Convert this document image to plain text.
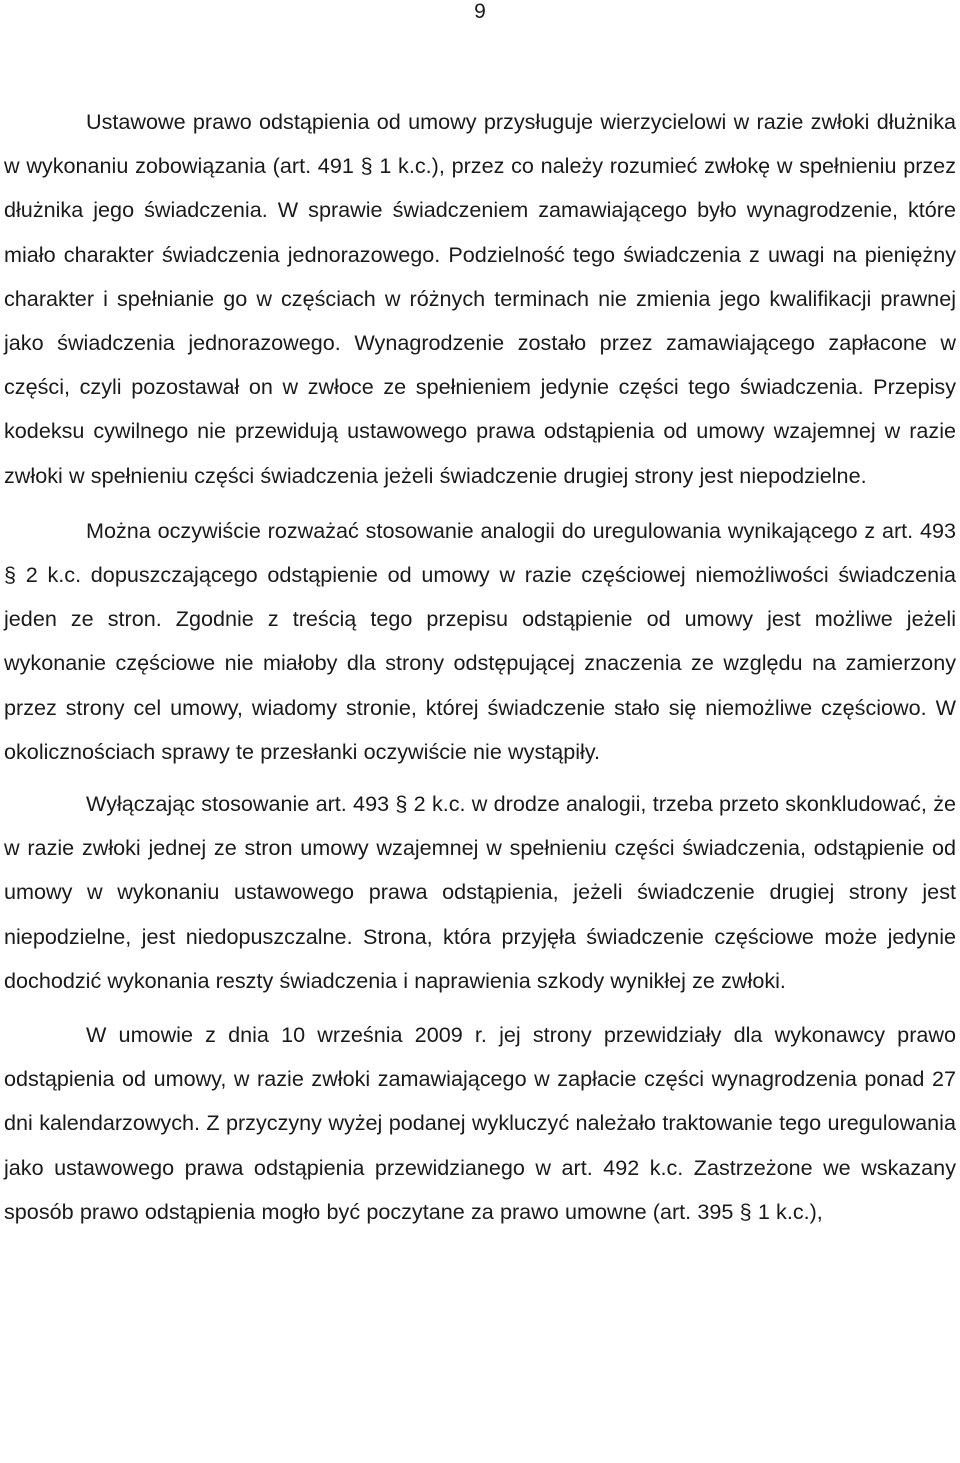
9

Ustawowe prawo odstąpienia od umowy przysługuje wierzycielowi w razie zwłoki dłużnika w wykonaniu zobowiązania (art. 491 § 1 k.c.), przez co należy rozumieć zwłokę w spełnieniu przez dłużnika jego świadczenia. W sprawie świadczeniem zamawiającego było wynagrodzenie, które miało charakter świadczenia jednorazowego. Podzielność tego świadczenia z uwagi na pieniężny charakter i spełnianie go w częściach w różnych terminach nie zmienia jego kwalifikacji prawnej jako świadczenia jednorazowego. Wynagrodzenie zostało przez zamawiającego zapłacone w części, czyli pozostawał on w zwłoce ze spełnieniem jedynie części tego świadczenia. Przepisy kodeksu cywilnego nie przewidują ustawowego prawa odstąpienia od umowy wzajemnej w razie zwłoki w spełnieniu części świadczenia jeżeli świadczenie drugiej strony jest niepodzielne.

Można oczywiście rozważać stosowanie analogii do uregulowania wynikającego z art. 493 § 2 k.c. dopuszczającego odstąpienie od umowy w razie częściowej niemożliwości świadczenia jeden ze stron. Zgodnie z treścią tego przepisu odstąpienie od umowy jest możliwe jeżeli wykonanie częściowe nie miałoby dla strony odstępującej znaczenia ze względu na zamierzony przez strony cel umowy, wiadomy stronie, której świadczenie stało się niemożliwe częściowo. W okolicznościach sprawy te przesłanki oczywiście nie wystąpiły.

Wyłączając stosowanie art. 493 § 2 k.c. w drodze analogii, trzeba przeto skonkludować, że w razie zwłoki jednej ze stron umowy wzajemnej w spełnieniu części świadczenia, odstąpienie od umowy w wykonaniu ustawowego prawa odstąpienia, jeżeli świadczenie drugiej strony jest niepodzielne, jest niedopuszczalne. Strona, która przyjęła świadczenie częściowe może jedynie dochodzić wykonania reszty świadczenia i naprawienia szkody wynikłej ze zwłoki.

W umowie z dnia 10 września 2009 r. jej strony przewidziały dla wykonawcy prawo odstąpienia od umowy, w razie zwłoki zamawiającego w zapłacie części wynagrodzenia ponad 27 dni kalendarzowych. Z przyczyny wyżej podanej wykluczyć należało traktowanie tego uregulowania jako ustawowego prawa odstąpienia przewidzianego w art. 492 k.c. Zastrzeżone we wskazany sposób prawo odstąpienia mogło być poczytane za prawo umowne (art. 395 § 1 k.c.),
